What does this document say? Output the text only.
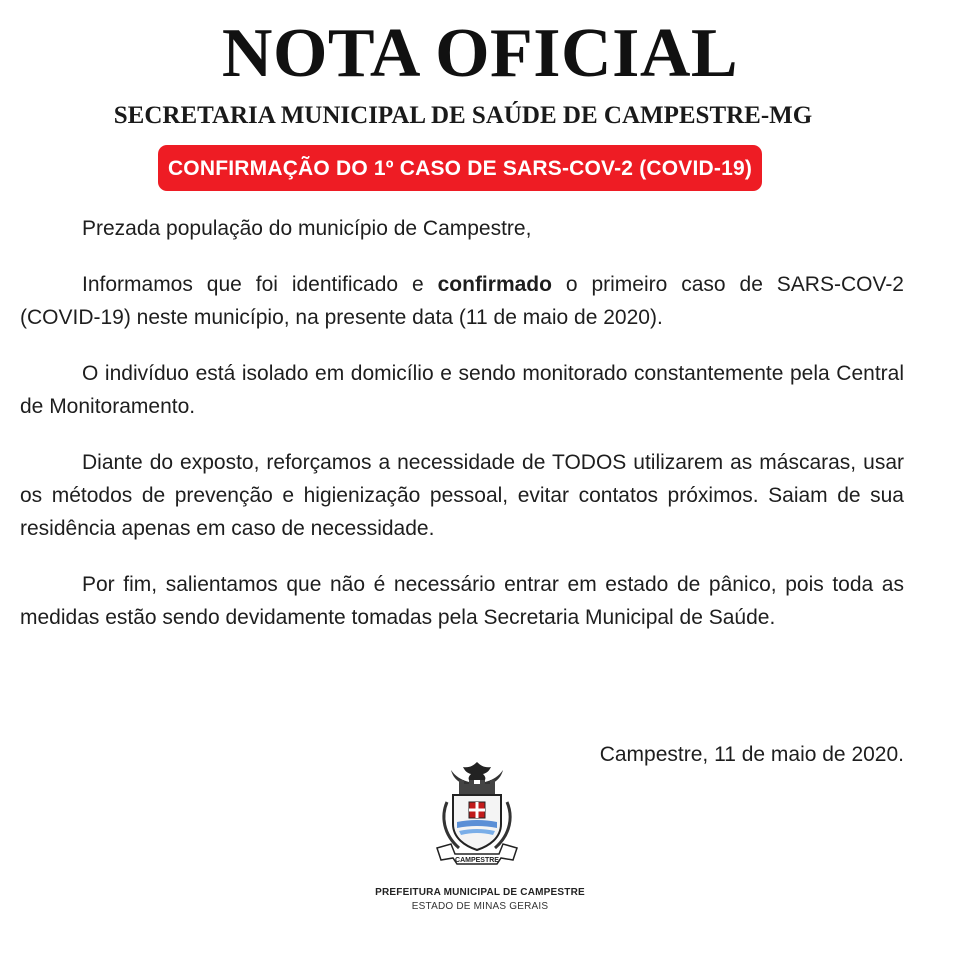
NOTA OFICIAL
SECRETARIA MUNICIPAL DE SAÚDE DE CAMPESTRE-MG
CONFIRMAÇÃO DO 1º CASO DE SARS-COV-2 (COVID-19)

Prezada população do município de Campestre,

Informamos que foi identificado e confirmado o primeiro caso de SARS-COV-2 (COVID-19) neste município, na presente data (11 de maio de 2020).

O indivíduo está isolado em domicílio e sendo monitorado constantemente pela Central de Monitoramento.

Diante do exposto, reforçamos a necessidade de TODOS utilizarem as máscaras, usar os métodos de prevenção e higienização pessoal, evitar contatos próximos. Saiam de sua residência apenas em caso de necessidade.

Por fim, salientamos que não é necessário entrar em estado de pânico, pois toda as medidas estão sendo devidamente tomadas pela Secretaria Municipal de Saúde.

Campestre, 11 de maio de 2020.
CAMPESTRE
PREFEITURA MUNICIPAL DE CAMPESTRE
ESTADO DE MINAS GERAIS
